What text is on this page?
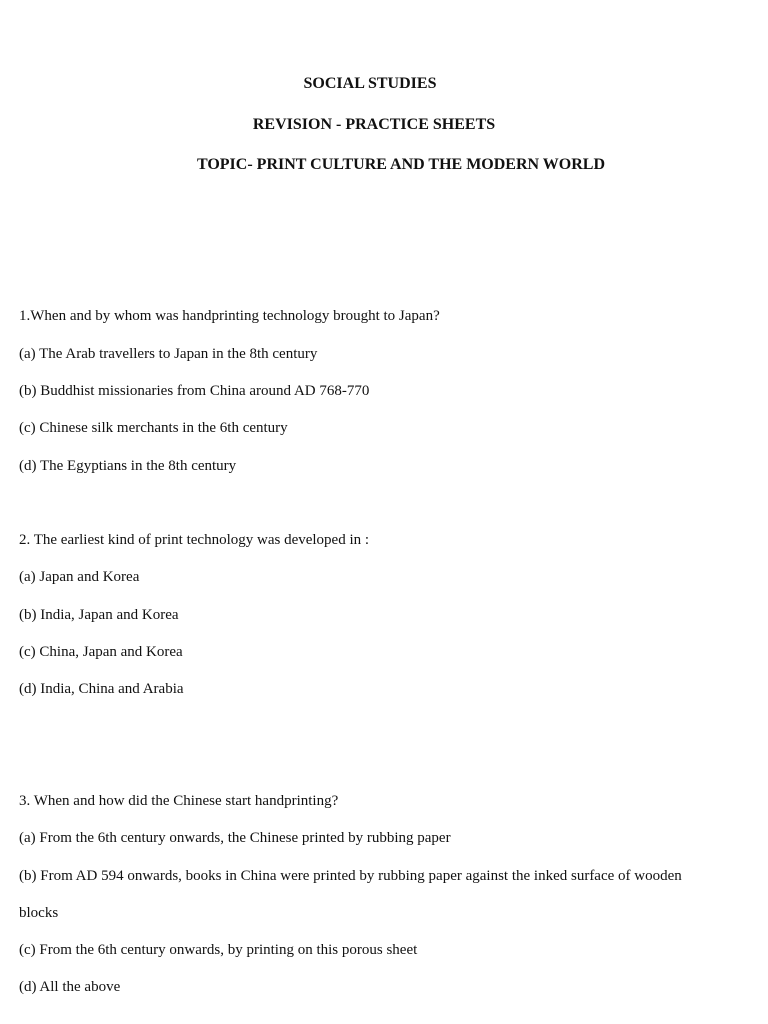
SOCIAL STUDIES
REVISION - PRACTICE SHEETS
TOPIC- PRINT CULTURE AND THE MODERN WORLD
1.When and by whom was handprinting technology brought to Japan?
(a) The Arab travellers to Japan in the 8th century
(b) Buddhist missionaries from China around AD 768-770
(c) Chinese silk merchants in the 6th century
(d) The Egyptians in the 8th century
2. The earliest kind of print technology was developed in :
(a) Japan and Korea
(b) India, Japan and Korea
(c) China, Japan and Korea
(d) India, China and Arabia
3. When and how did the Chinese start handprinting?
(a) From the 6th century onwards, the Chinese printed by rubbing paper
(b) From AD 594 onwards, books in China were printed by rubbing paper against the inked surface of wooden
blocks
(c) From the 6th century onwards, by printing on this porous sheet
(d) All the above
